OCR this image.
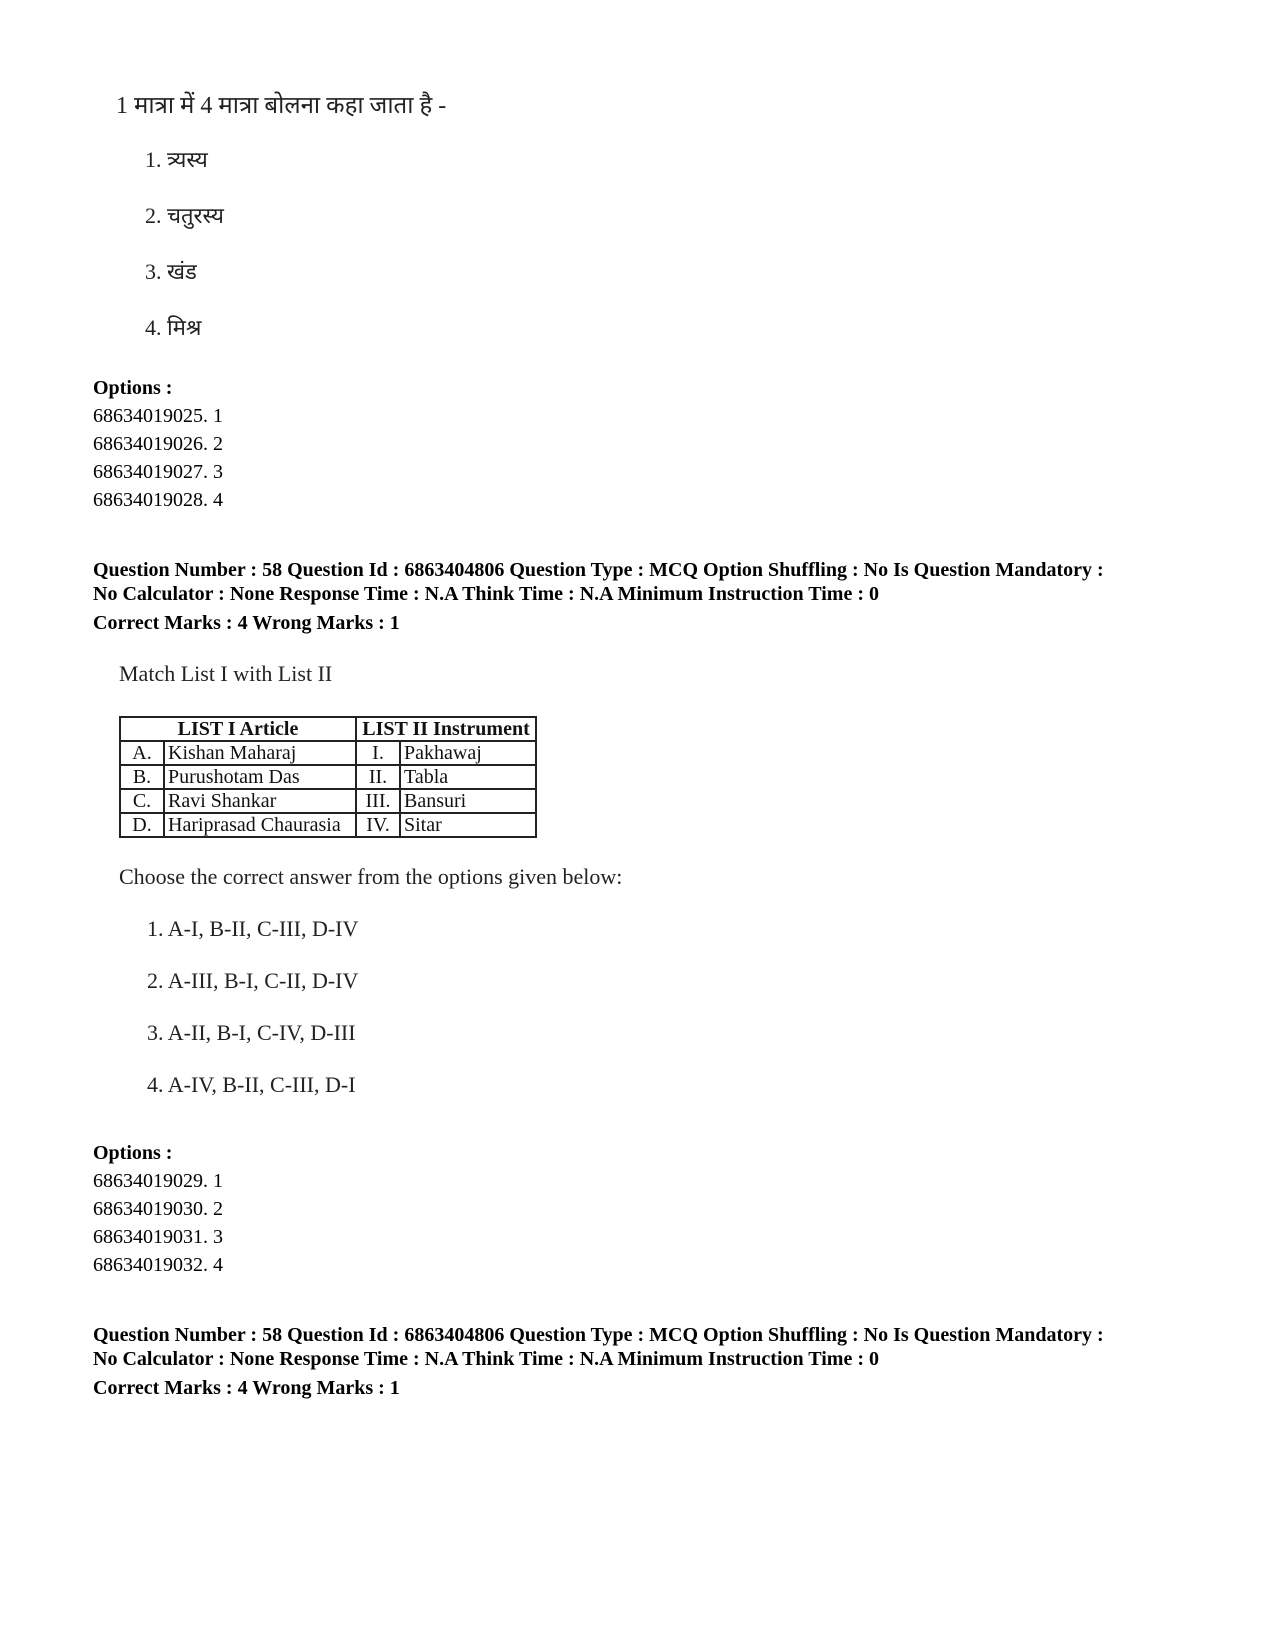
1 मात्रा में 4 मात्रा बोलना कहा जाता है -
1. त्र्यस्य
2. चतुरस्य
3. खंड
4. मिश्र
Options :
68634019025. 1
68634019026. 2
68634019027. 3
68634019028. 4
Question Number : 58 Question Id : 6863404806 Question Type : MCQ Option Shuffling : No Is Question Mandatory :
No Calculator : None Response Time : N.A Think Time : N.A Minimum Instruction Time : 0
Correct Marks : 4 Wrong Marks : 1
Match List I with List II
LIST I Article		LIST II Instrument	
A.	Kishan Maharaj	I.	Pakhawaj
B.	Purushotam Das	II.	Tabla
C.	Ravi Shankar	III.	Bansuri
D.	Hariprasad Chaurasia	IV.	Sitar
Choose the correct answer from the options given below:
1. A-I, B-II, C-III, D-IV
2. A-III, B-I, C-II, D-IV
3. A-II, B-I, C-IV, D-III
4. A-IV, B-II, C-III, D-I
Options :
68634019029. 1
68634019030. 2
68634019031. 3
68634019032. 4
Question Number : 58 Question Id : 6863404806 Question Type : MCQ Option Shuffling : No Is Question Mandatory :
No Calculator : None Response Time : N.A Think Time : N.A Minimum Instruction Time : 0
Correct Marks : 4 Wrong Marks : 1
